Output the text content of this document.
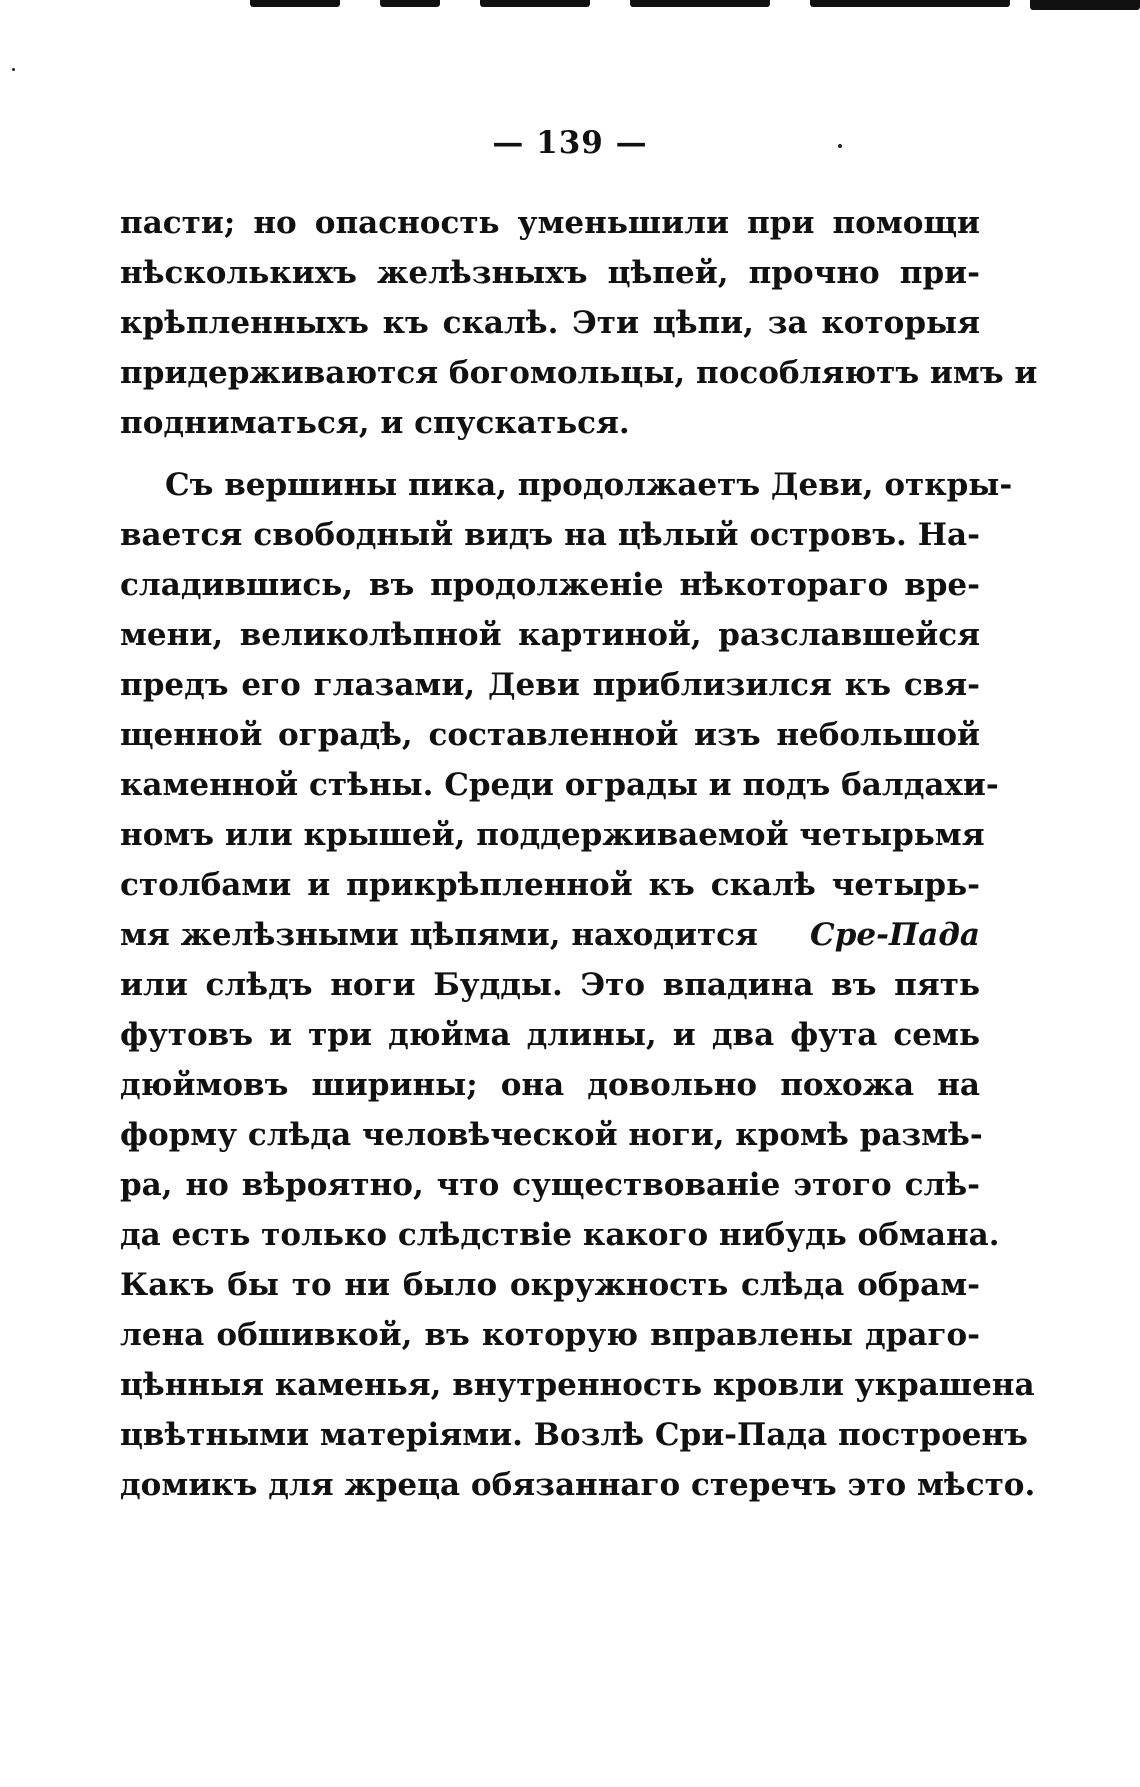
— 139 —
пасти; но опасность уменьшили при помощи
нѣсколькихъ желѣзныхъ цѣпей, прочно при-
крѣпленныхъ къ скалѣ. Эти цѣпи, за которыя
придерживаются богомольцы, пособляютъ имъ и
подниматься, и спускаться.
Съ вершины пика, продолжаетъ Деви, откры-
вается свободный видъ на цѣлый островъ. На-
сладившись, въ продолженіе нѣкотораго вре-
мени, великолѣпной картиной, разславшейся
предъ его глазами, Деви приблизился къ свя-
щенной оградѣ, составленной изъ небольшой
каменной стѣны. Среди ограды и подъ балдахи-
номъ или крышей, поддерживаемой четырьмя
столбами и прикрѣпленной къ скалѣ четырь-
мя желѣзными цѣпями, находится Сре-Пада
или слѣдъ ноги Будды. Это впадина въ пять
футовъ и три дюйма длины, и два фута семь
дюймовъ ширины; она довольно похожа на
форму слѣда человѣческой ноги, кромѣ размѣ-
ра, но вѣроятно, что существованіе этого слѣ-
да есть только слѣдствіе какого нибудь обмана.
Какъ бы то ни было окружность слѣда обрам-
лена обшивкой, въ которую вправлены драго-
цѣнныя каменья, внутренность кровли украшена
цвѣтными матеріями. Возлѣ Сри-Пада построенъ
домикъ для жреца обязаннаго стеречъ это мѣсто.
